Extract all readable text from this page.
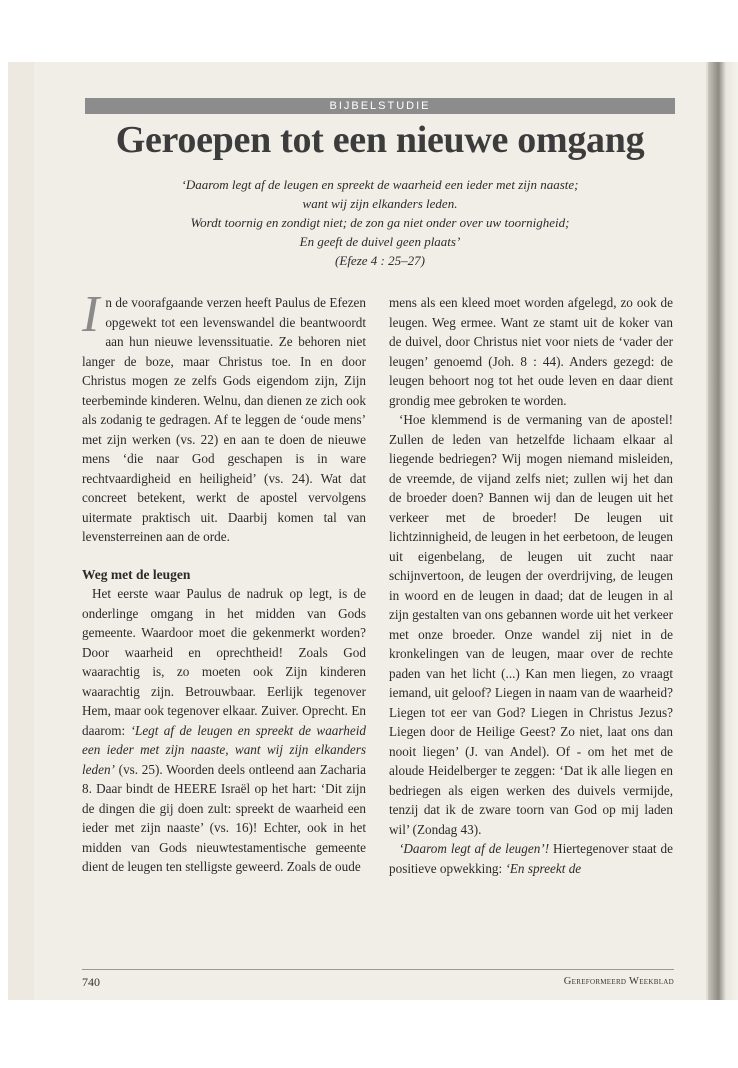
BIJBELSTUDIE
Geroepen tot een nieuwe omgang
‘Daarom legt af de leugen en spreekt de waarheid een ieder met zijn naaste;
want wij zijn elkanders leden.
Wordt toornig en zondigt niet; de zon ga niet onder over uw toornigheid;
En geeft de duivel geen plaats’
(Efeze 4 : 25–27)

In de voorafgaande verzen heeft Paulus de Efezen opgewekt tot een levenswandel die beantwoordt aan hun nieuwe levenssituatie. Ze behoren niet langer de boze, maar Christus toe. In en door Christus mogen ze zelfs Gods eigendom zijn, Zijn teerbeminde kinderen. Welnu, dan dienen ze zich ook als zodanig te gedragen. Af te leggen de ‘oude mens’ met zijn werken (vs. 22) en aan te doen de nieuwe mens ‘die naar God geschapen is in ware rechtvaardigheid en heiligheid’ (vs. 24). Wat dat concreet betekent, werkt de apostel vervolgens uitermate praktisch uit. Daarbij komen tal van levensterreinen aan de orde.

Weg met de leugen

Het eerste waar Paulus de nadruk op legt, is de onderlinge omgang in het midden van Gods gemeente. Waardoor moet die gekenmerkt worden? Door waarheid en oprechtheid! Zoals God waarachtig is, zo moeten ook Zijn kinderen waarachtig zijn. Betrouwbaar. Eerlijk tegenover Hem, maar ook tegenover elkaar. Zuiver. Oprecht. En daarom: ‘Legt af de leugen en spreekt de waarheid een ieder met zijn naaste, want wij zijn elkanders leden’ (vs. 25). Woorden deels ontleend aan Zacharia 8. Daar bindt de HEERE Israël op het hart: ‘Dit zijn de dingen die gij doen zult: spreekt de waarheid een ieder met zijn naaste’ (vs. 16)! Echter, ook in het midden van Gods nieuwtestamentische gemeente dient de leugen ten stelligste geweerd. Zoals de oude

mens als een kleed moet worden afgelegd, zo ook de leugen. Weg ermee. Want ze stamt uit de koker van de duivel, door Christus niet voor niets de ‘vader der leugen’ genoemd (Joh. 8 : 44). Anders gezegd: de leugen behoort nog tot het oude leven en daar dient grondig mee gebroken te worden.

‘Hoe klemmend is de vermaning van de apostel! Zullen de leden van hetzelfde lichaam elkaar al liegende bedriegen? Wij mogen niemand misleiden, de vreemde, de vijand zelfs niet; zullen wij het dan de broeder doen? Bannen wij dan de leugen uit het verkeer met de broeder! De leugen uit lichtzinnigheid, de leugen in het eerbetoon, de leugen uit eigenbelang, de leugen uit zucht naar schijnvertoon, de leugen der overdrijving, de leugen in woord en de leugen in daad; dat de leugen in al zijn gestalten van ons gebannen worde uit het verkeer met onze broeder. Onze wandel zij niet in de kronkelingen van de leugen, maar over de rechte paden van het licht (...) Kan men liegen, zo vraagt iemand, uit geloof? Liegen in naam van de waarheid? Liegen tot eer van God? Liegen in Christus Jezus? Liegen door de Heilige Geest? Zo niet, laat ons dan nooit liegen’ (J. van Andel). Of - om het met de aloude Heidelberger te zeggen: ‘Dat ik alle liegen en bedriegen als eigen werken des duivels vermijde, tenzij dat ik de zware toorn van God op mij laden wil’ (Zondag 43).

‘Daarom legt af de leugen’! Hiertegenover staat de positieve opwekking: ‘En spreekt de

740	Gereformeerd Weekblad
